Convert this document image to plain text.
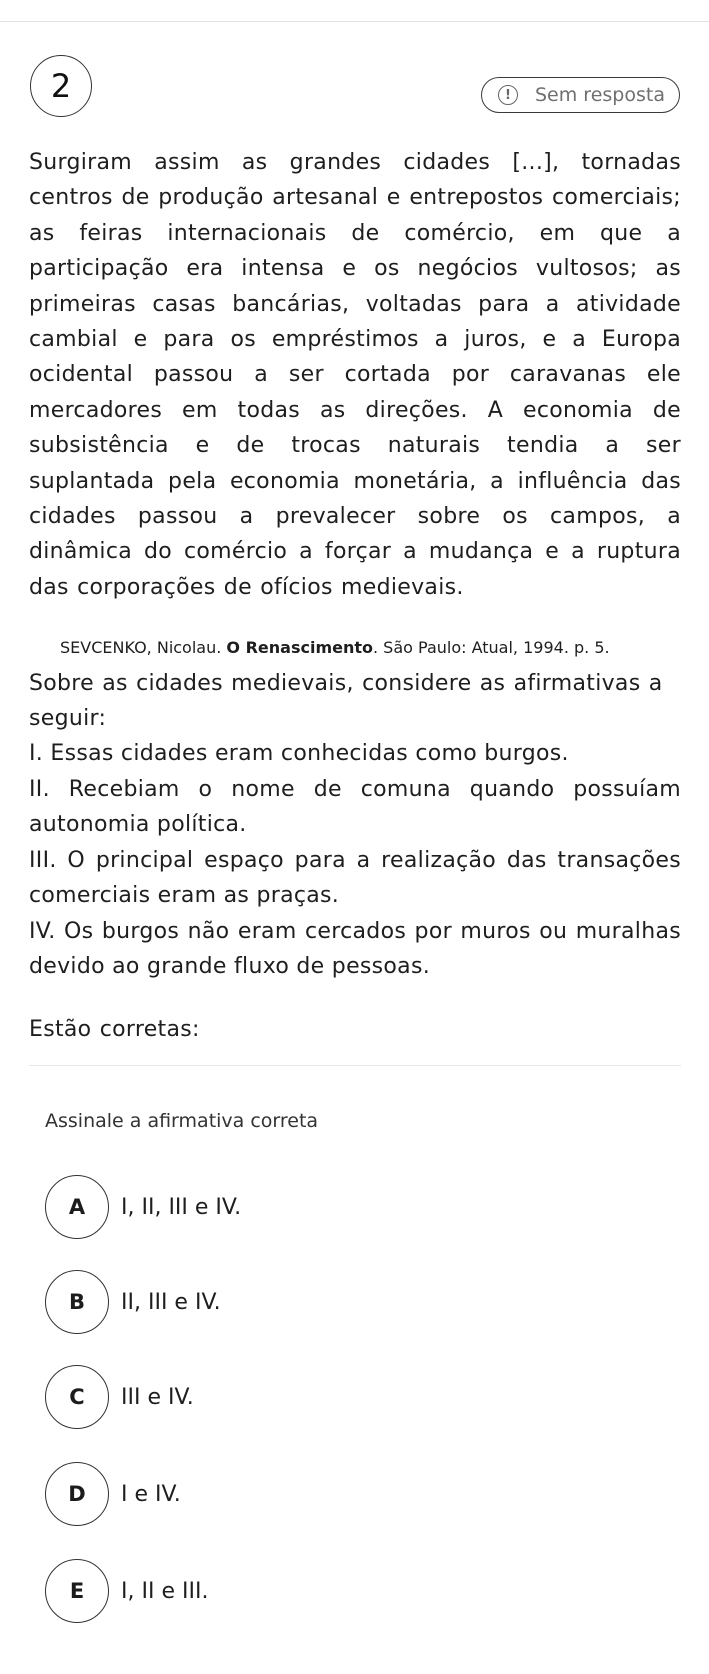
2	!	Sem resposta
Surgiram assim as grandes cidades [...], tornadas centros de produção artesanal e entrepostos comerciais; as feiras internacionais de comércio, em que a participação era intensa e os negócios vultosos; as primeiras casas bancárias, voltadas para a atividade cambial e para os empréstimos a juros, e a Europa ocidental passou a ser cortada por caravanas ele mercadores em todas as direções. A economia de subsistência e de trocas naturais tendia a ser suplantada pela economia monetária, a influência das cidades passou a prevalecer sobre os campos, a dinâmica do comércio a forçar a mudança e a ruptura das corporações de ofícios medievais.
SEVCENKO, Nicolau. O Renascimento. São Paulo: Atual, 1994. p. 5.
Sobre as cidades medievais, considere as afirmativas a seguir:
I. Essas cidades eram conhecidas como burgos.
II. Recebiam o nome de comuna quando possuíam autonomia política.
III. O principal espaço para a realização das transações comerciais eram as praças.
IV. Os burgos não eram cercados por muros ou muralhas devido ao grande fluxo de pessoas.
Estão corretas:
Assinale a afirmativa correta
A	I, II, III e IV.
B	II, III e IV.
C	III e IV.
D	I e IV.
E	I, II e III.
